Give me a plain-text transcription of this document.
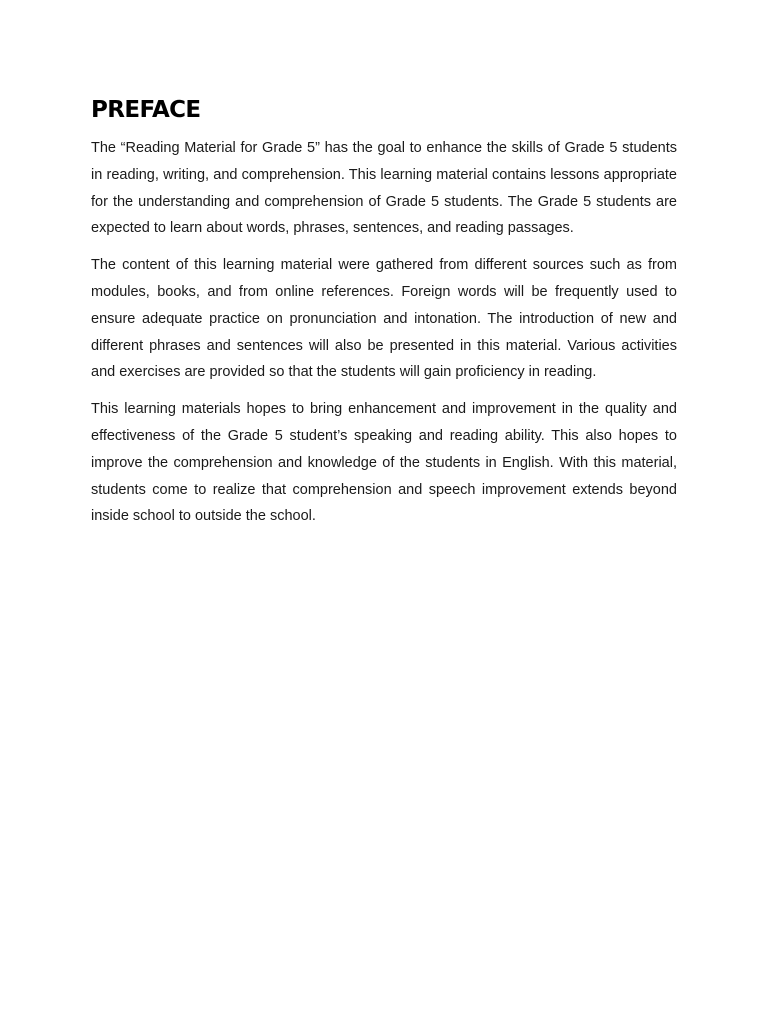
PREFACE

The “Reading Material for Grade 5” has the goal to enhance the skills of Grade 5 students in reading, writing, and comprehension. This learning material contains lessons appropriate for the understanding and comprehension of Grade 5 students. The Grade 5 students are expected to learn about words, phrases, sentences, and reading passages.

The content of this learning material were gathered from different sources such as from modules, books, and from online references. Foreign words will be frequently used to ensure adequate practice on pronunciation and intonation. The introduction of new and different phrases and sentences will also be presented in this material. Various activities and exercises are provided so that the students will gain proficiency in reading.

This learning materials hopes to bring enhancement and improvement in the quality and effectiveness of the Grade 5 student’s speaking and reading ability. This also hopes to improve the comprehension and knowledge of the students in English. With this material, students come to realize that comprehension and speech improvement extends beyond inside school to outside the school.
